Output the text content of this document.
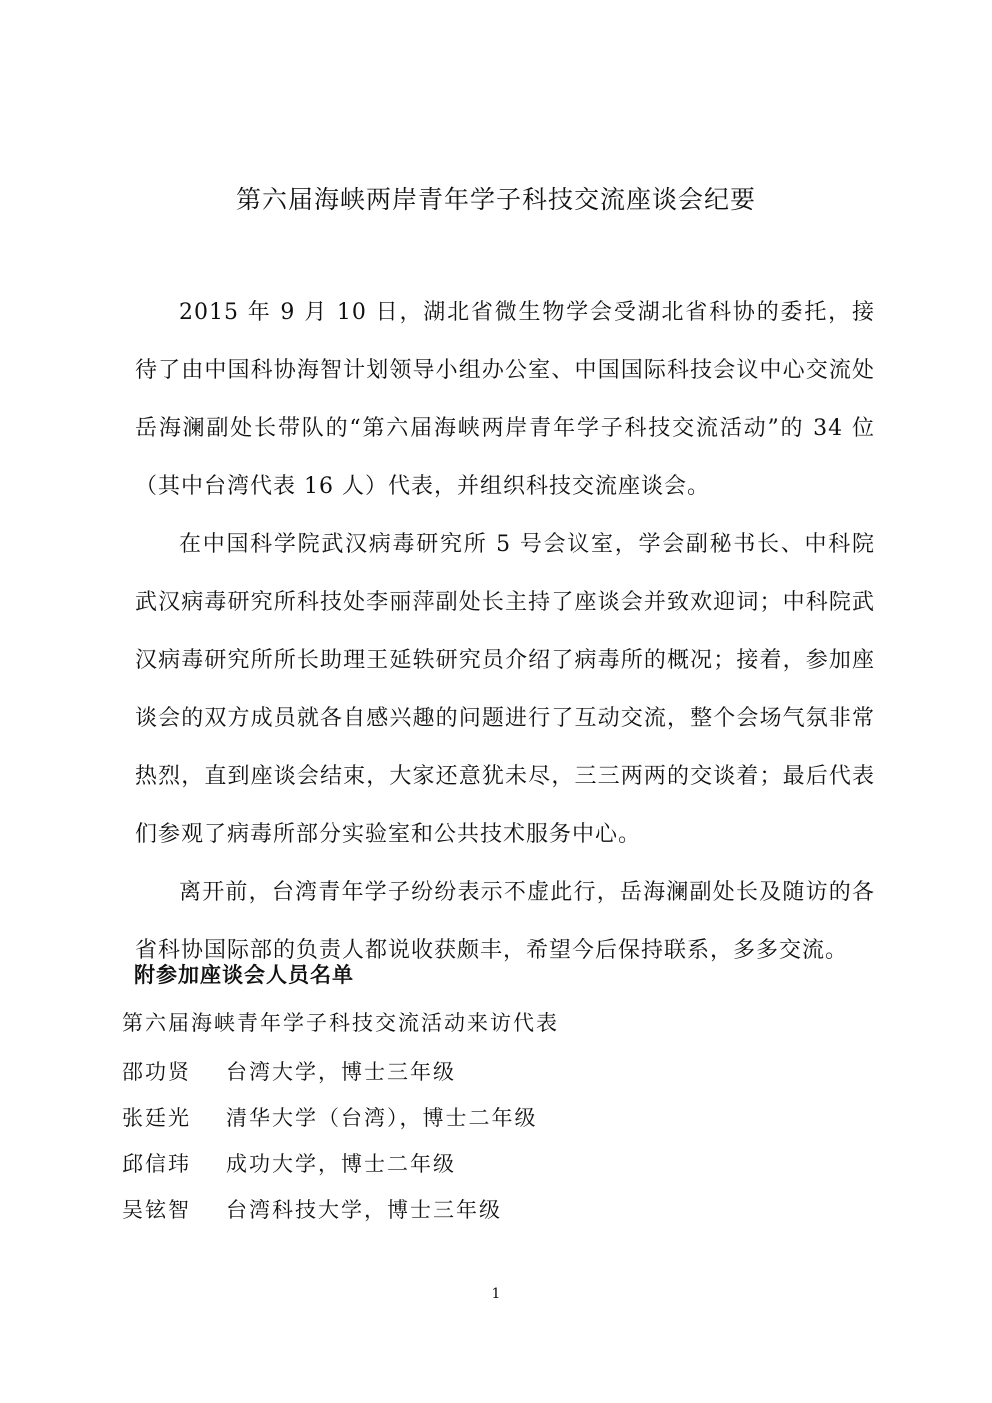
第六届海峡两岸青年学子科技交流座谈会纪要

2015 年 9 月 10 日，湖北省微生物学会受湖北省科协的委托，接待了由中国科协海智计划领导小组办公室、中国国际科技会议中心交流处岳海澜副处长带队的“第六届海峡两岸青年学子科技交流活动”的 34 位（其中台湾代表 16 人）代表，并组织科技交流座谈会。

在中国科学院武汉病毒研究所 5 号会议室，学会副秘书长、中科院武汉病毒研究所科技处李丽萍副处长主持了座谈会并致欢迎词；中科院武汉病毒研究所所长助理王延轶研究员介绍了病毒所的概况；接着，参加座谈会的双方成员就各自感兴趣的问题进行了互动交流，整个会场气氛非常热烈，直到座谈会结束，大家还意犹未尽，三三两两的交谈着；最后代表们参观了病毒所部分实验室和公共技术服务中心。

离开前，台湾青年学子纷纷表示不虚此行，岳海澜副处长及随访的各省科协国际部的负责人都说收获颇丰，希望今后保持联系，多多交流。

附参加座谈会人员名单
第六届海峡青年学子科技交流活动来访代表
邵功贤	台湾大学，博士三年级
张廷光	清华大学（台湾），博士二年级
邱信玮	成功大学，博士二年级
吴铉智	台湾科技大学，博士三年级
1
